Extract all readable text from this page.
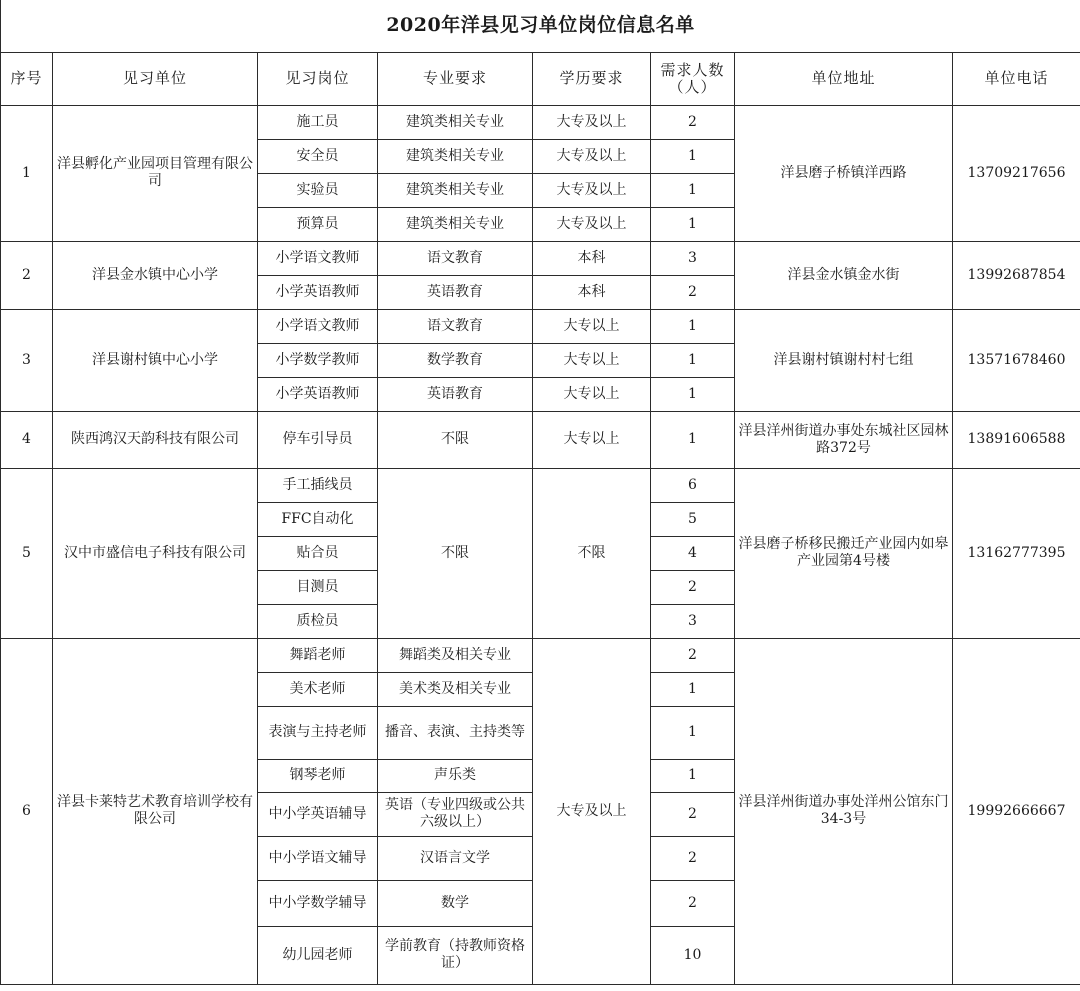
2020年洋县见习单位岗位信息名单							
序号	见习单位	见习岗位	专业要求	学历要求	需求人数（人）	单位地址	单位电话
1	洋县孵化产业园项目管理有限公司	施工员	建筑类相关专业	大专及以上	2	洋县磨子桥镇洋西路	13709217656
		安全员	建筑类相关专业	大专及以上	1		
		实验员	建筑类相关专业	大专及以上	1		
		预算员	建筑类相关专业	大专及以上	1		
2	洋县金水镇中心小学	小学语文教师	语文教育	本科	3	洋县金水镇金水街	13992687854
		小学英语教师	英语教育	本科	2		
3	洋县谢村镇中心小学	小学语文教师	语文教育	大专以上	1	洋县谢村镇谢村村七组	13571678460
		小学数学教师	数学教育	大专以上	1		
		小学英语教师	英语教育	大专以上	1		
4	陕西鸿汉天韵科技有限公司	停车引导员	不限	大专以上	1	洋县洋州街道办事处东城社区园林路372号	13891606588
5	汉中市盛信电子科技有限公司	手工插线员	不限	不限	6	洋县磨子桥移民搬迁产业园内如皋产业园第4号楼	13162777395
		FFC自动化			5		
		贴合员			4		
		目测员			2		
		质检员			3		
6	洋县卡莱特艺术教育培训学校有限公司	舞蹈老师	舞蹈类及相关专业	大专及以上	2	洋县洋州街道办事处洋州公馆东门34-3号	19992666667
		美术老师	美术类及相关专业		1		
		表演与主持老师	播音、表演、主持类等		1		
		钢琴老师	声乐类		1		
		中小学英语辅导	英语（专业四级或公共六级以上）		2		
		中小学语文辅导	汉语言文学		2		
		中小学数学辅导	数学		2		
		幼儿园老师	学前教育（持教师资格证）		10		
